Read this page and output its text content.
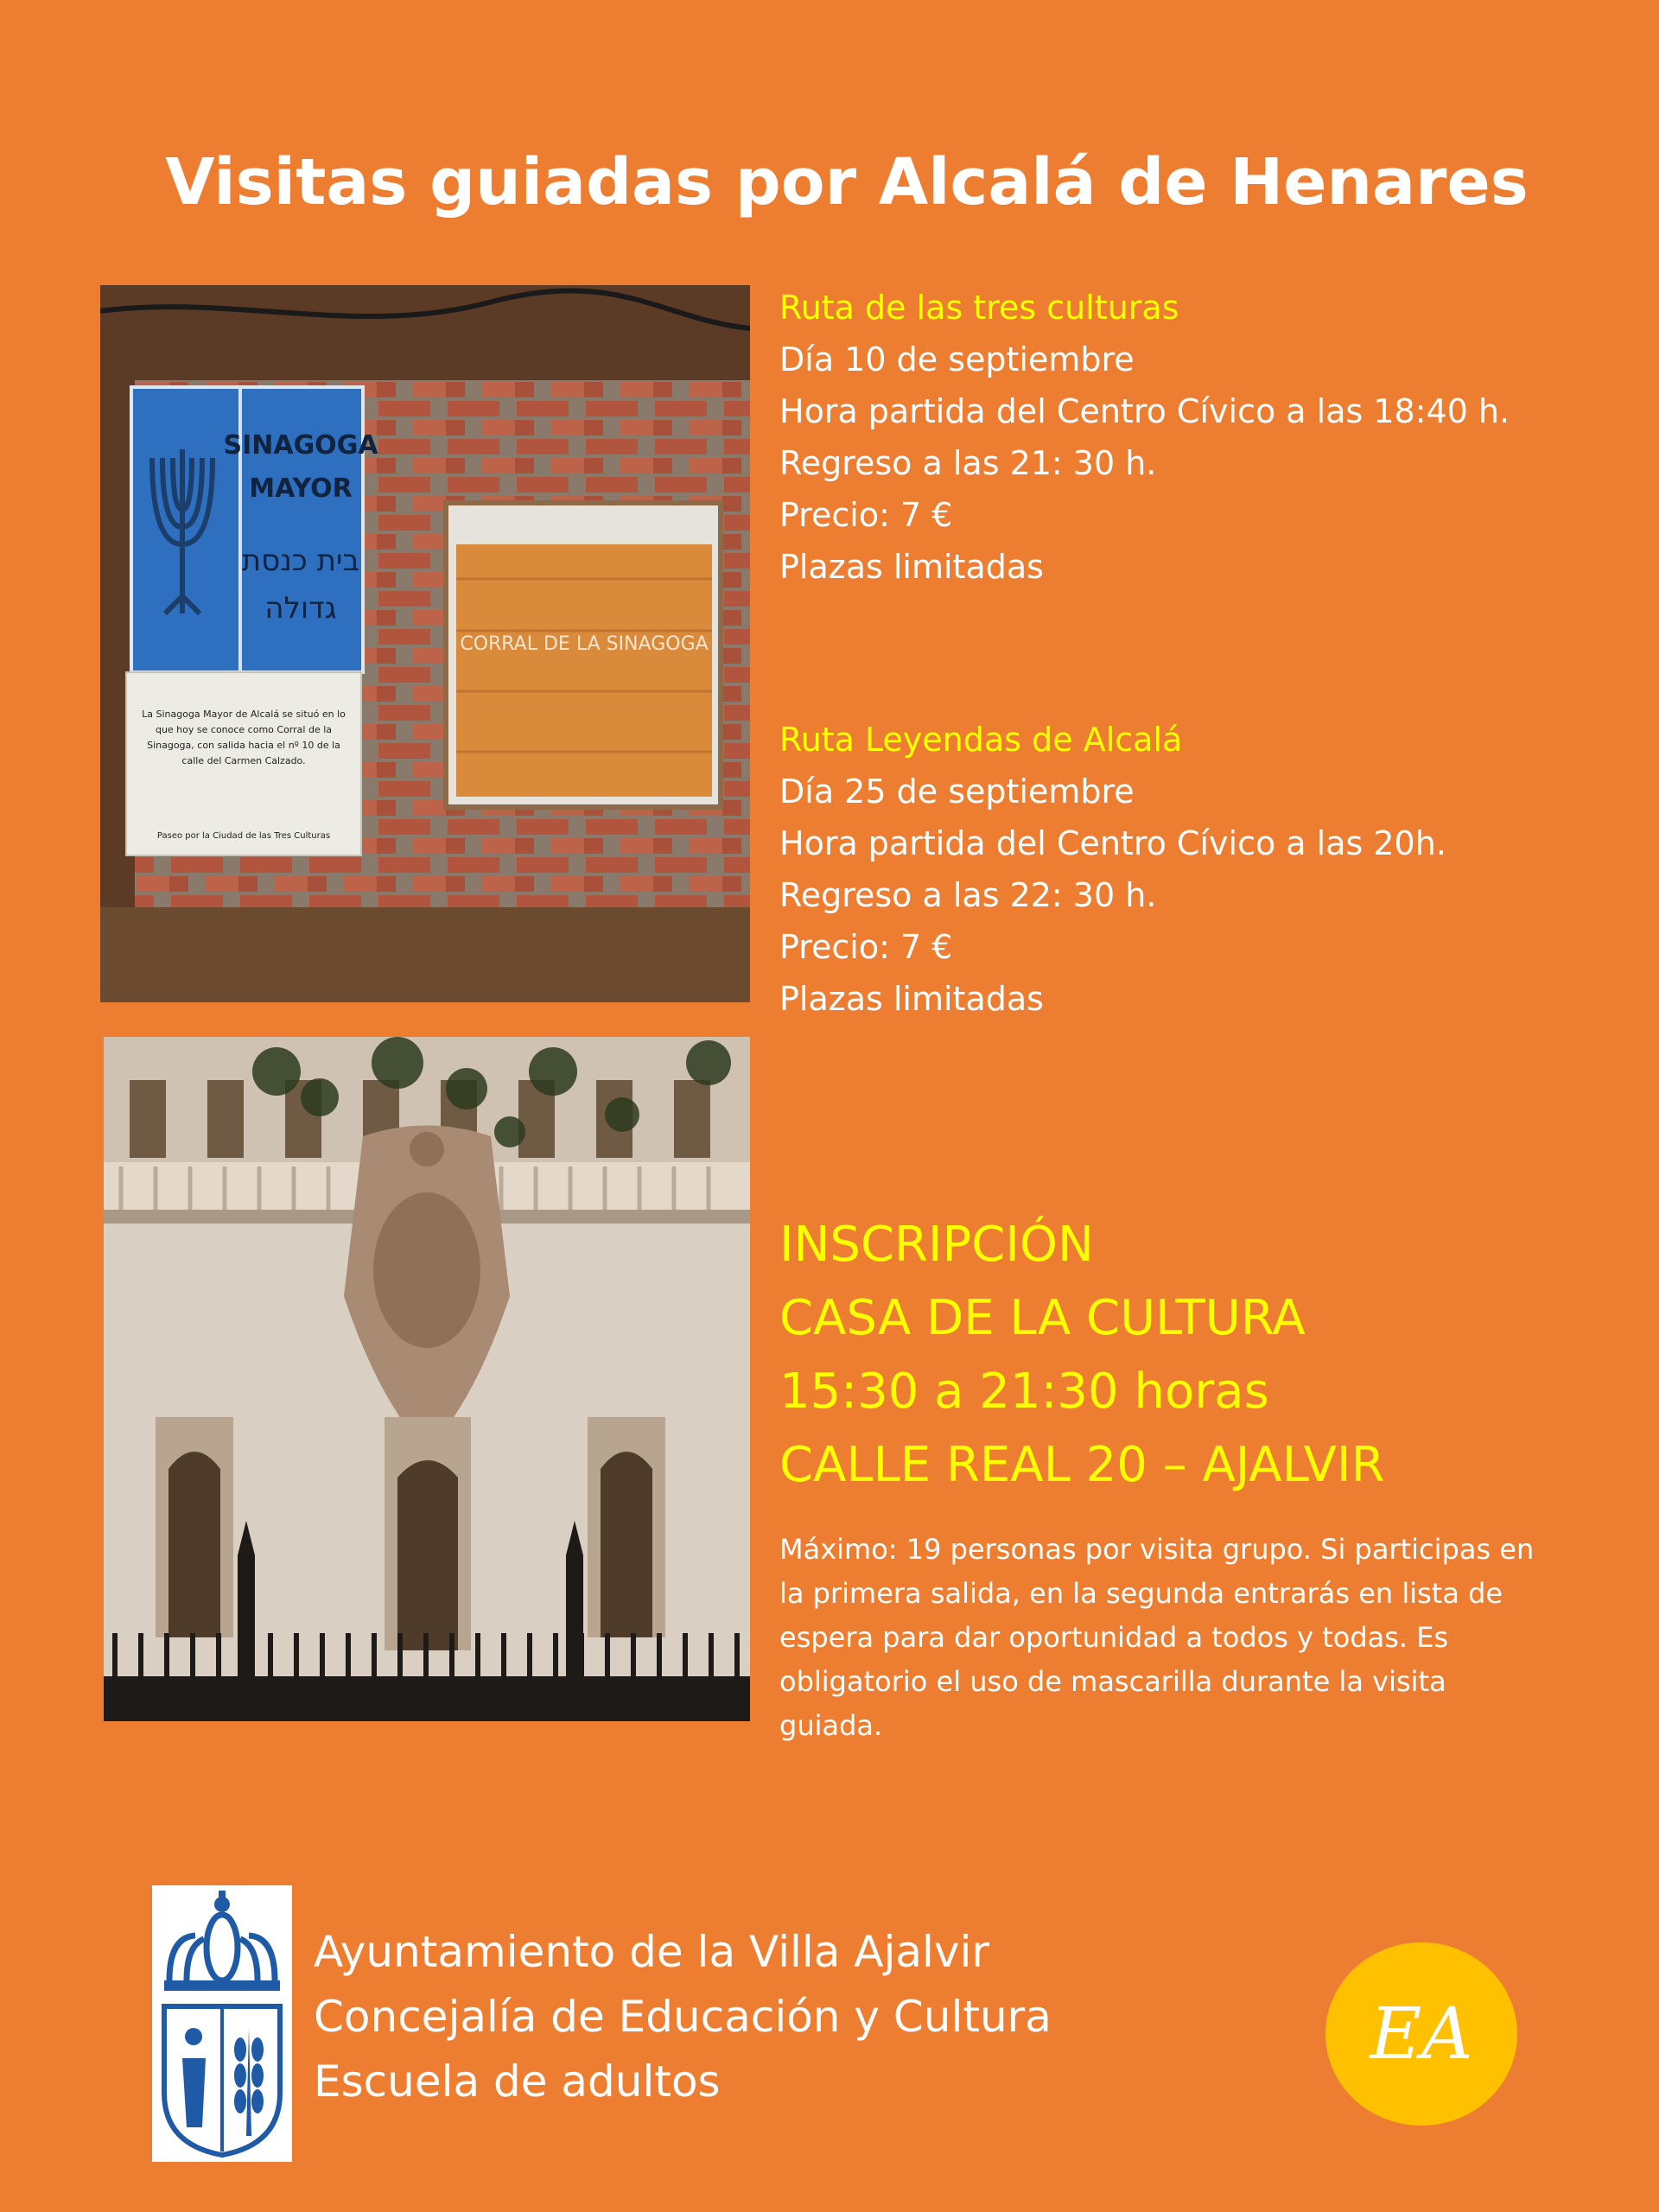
Visitas guiadas por Alcalá de Henares
SINAGOGA
MAYOR
בית כנסת
גדולה
La Sinagoga Mayor de Alcalá se situó en lo
que hoy se conoce como Corral de la
Sinagoga, con salida hacia el nº 10 de la
calle del Carmen Calzado.
Paseo por la Ciudad de las Tres Culturas
CORRAL DE LA SINAGOGA
Ruta de las tres culturas
Día 10 de septiembre
Hora partida del Centro Cívico a las 18:40 h.
Regreso a las 21: 30 h.
Precio: 7 €
Plazas limitadas
Ruta Leyendas de Alcalá
Día 25 de septiembre
Hora partida del Centro Cívico a las 20h.
Regreso a las 22: 30 h.
Precio: 7 €
Plazas limitadas
INSCRIPCIÓN
CASA DE LA CULTURA
15:30 a 21:30 horas
CALLE REAL 20 – AJALVIR
Máximo: 19 personas por visita grupo. Si participas en la primera salida, en la segunda entrarás en lista de espera para dar oportunidad a todos y todas. Es obligatorio el uso de mascarilla durante la visita guiada.
Ayuntamiento de la Villa Ajalvir
Concejalía de Educación y Cultura
Escuela de adultos
EA
